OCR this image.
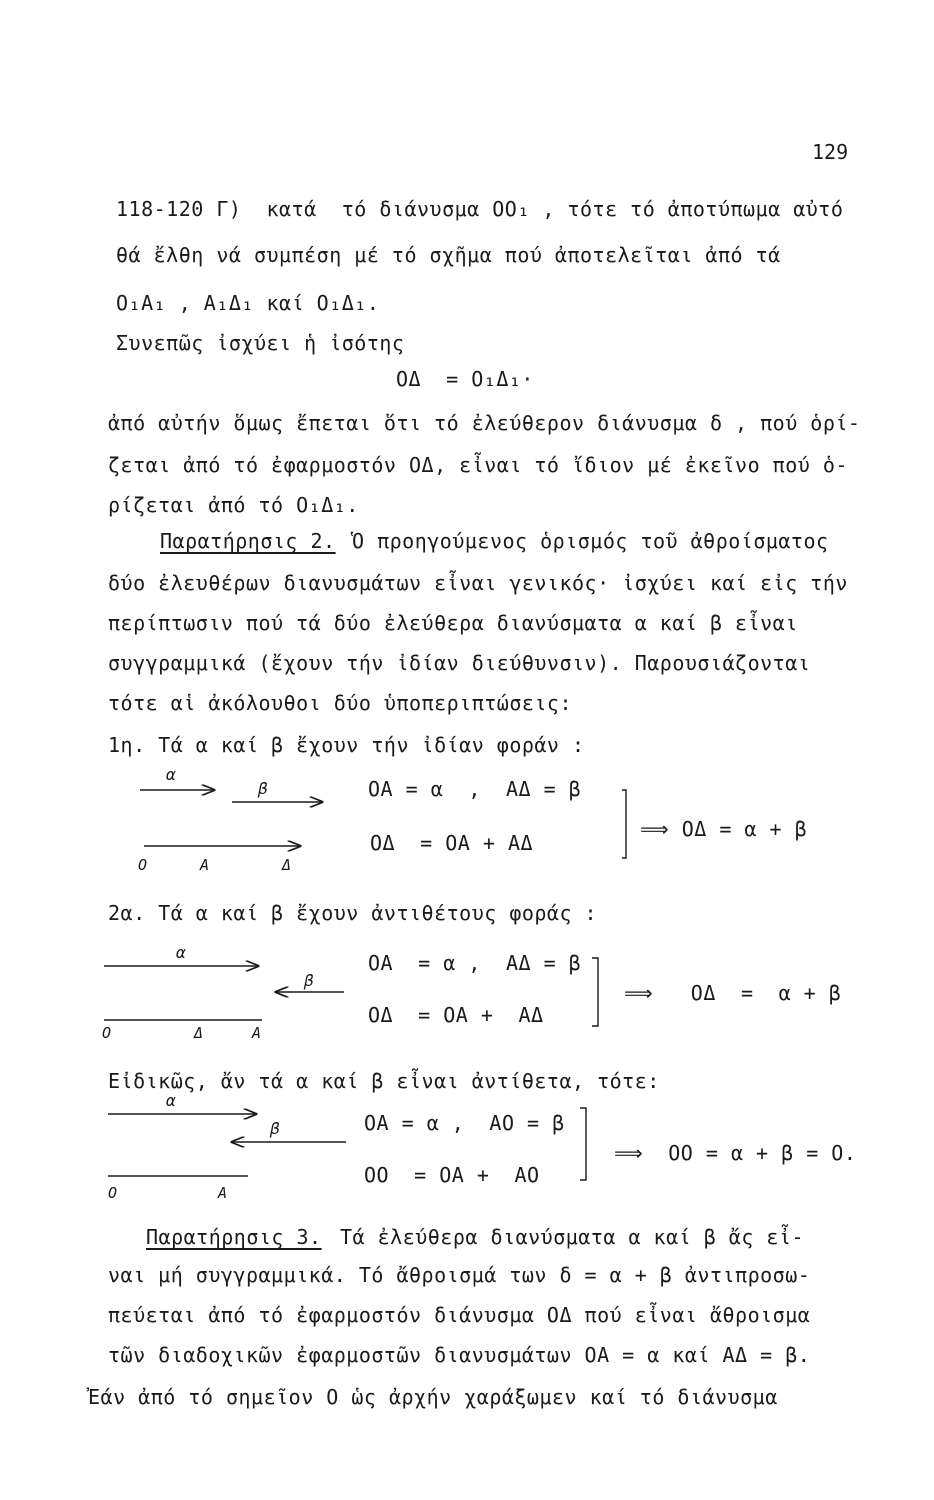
129
118-120 Γ)  κατά  τό διάνυσμα ΟΟ₁ , τότε τό ἀποτύπωμα αὐτό
θά ἔλθη νά συμπέση μέ τό σχῆμα πού ἀποτελεῖται ἀπό τά
Ο₁Α₁ , Α₁Δ₁ καί Ο₁Δ₁.
Συνεπῶς ἰσχύει ἡ ἰσότης
ΟΔ  = Ο₁Δ₁·
ἀπό αὐτήν ὅμως ἔπεται ὅτι τό ἐλεύθερον διάνυσμα δ , πού ὁρί-
ζεται ἀπό τό ἐφαρμοστόν ΟΔ, εἶναι τό ἴδιον μέ ἐκεῖνο πού ὁ-
ρίζεται ἀπό τό Ο₁Δ₁.
Παρατήρησις 2. Ὁ προηγούμενος ὁρισμός τοῦ ἀθροίσματος
δύο ἐλευθέρων διανυσμάτων εἶναι γενικός· ἰσχύει καί εἰς τήν
περίπτωσιν πού τά δύο ἐλεύθερα διανύσματα α καί β εἶναι
συγγραμμικά (ἔχουν τήν ἰδίαν διεύθυνσιν). Παρουσιάζονται
τότε αἱ ἀκόλουθοι δύο ὑποπεριπτώσεις:
1η. Τά α καί β ἔχουν τήν ἰδίαν φοράν :
2α. Τά α καί β ἔχουν ἀντιθέτους φοράς :
Εἰδικῶς, ἄν τά α καί β εἶναι ἀντίθετα, τότε:
Παρατήρησις 3. Τά ἐλεύθερα διανύσματα α καί β ἄς εἶ-
ναι μή συγγραμμικά. Τό ἄθροισμά των δ = α + β ἀντιπροσω-
πεύεται ἀπό τό ἐφαρμοστόν διάνυσμα ΟΔ πού εἶναι ἄθροισμα
τῶν διαδοχικῶν ἐφαρμοστῶν διανυσμάτων ΟΑ = α καί ΑΔ = β.
Ἐάν ἀπό τό σημεῖον Ο ὡς ἀρχήν χαράξωμεν καί τό διάνυσμα
α
β
Ο	Α	Δ
ΟΑ = α  ,  ΑΔ = β
ΟΔ  = ΟΑ + ΑΔ
⟹ ΟΔ = α + β
α
β
Ο	Δ	Α
ΟΑ  = α ,  ΑΔ = β
ΟΔ  = ΟΑ +  ΑΔ
⟹   ΟΔ  =  α + β
α
β
Ο	Α
ΟΑ = α ,  ΑΟ = β
ΟΟ  = ΟΑ +  ΑΟ
⟹  ΟΟ = α + β = Ο.
